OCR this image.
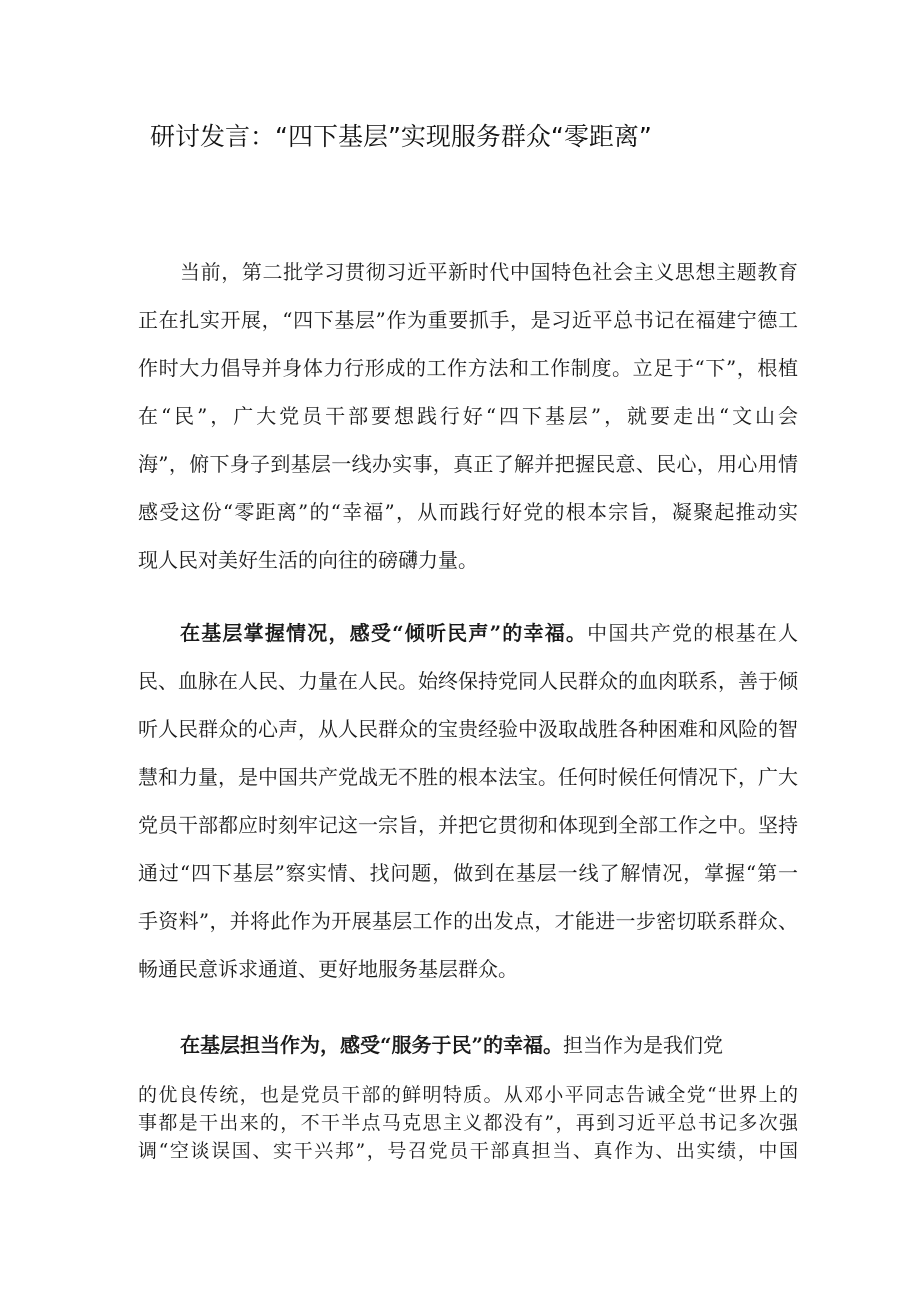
研讨发言：“四下基层”实现服务群众“零距离”
当前，第二批学习贯彻习近平新时代中国特色社会主义思想主题教育
正在扎实开展，“四下基层”作为重要抓手，是习近平总书记在福建宁德工
作时大力倡导并身体力行形成的工作方法和工作制度。立足于“下”，根植
在“民”，广大党员干部要想践行好“四下基层”，就要走出“文山会
海”，俯下身子到基层一线办实事，真正了解并把握民意、民心，用心用情
感受这份“零距离”的“幸福”，从而践行好党的根本宗旨，凝聚起推动实
现人民对美好生活的向往的磅礴力量。
在基层掌握情况，感受“倾听民声”的幸福。中国共产党的根基在人
民、血脉在人民、力量在人民。始终保持党同人民群众的血肉联系，善于倾
听人民群众的心声，从人民群众的宝贵经验中汲取战胜各种困难和风险的智
慧和力量，是中国共产党战无不胜的根本法宝。任何时候任何情况下，广大
党员干部都应时刻牢记这一宗旨，并把它贯彻和体现到全部工作之中。坚持
通过“四下基层”察实情、找问题，做到在基层一线了解情况，掌握“第一
手资料”，并将此作为开展基层工作的出发点，才能进一步密切联系群众、
畅通民意诉求通道、更好地服务基层群众。
在基层担当作为，感受“服务于民”的幸福。担当作为是我们党
的优良传统，也是党员干部的鲜明特质。从邓小平同志告诫全党“世界上的
事都是干出来的，不干半点马克思主义都没有”，再到习近平总书记多次强
调“空谈误国、实干兴邦”，号召党员干部真担当、真作为、出实绩，中国
